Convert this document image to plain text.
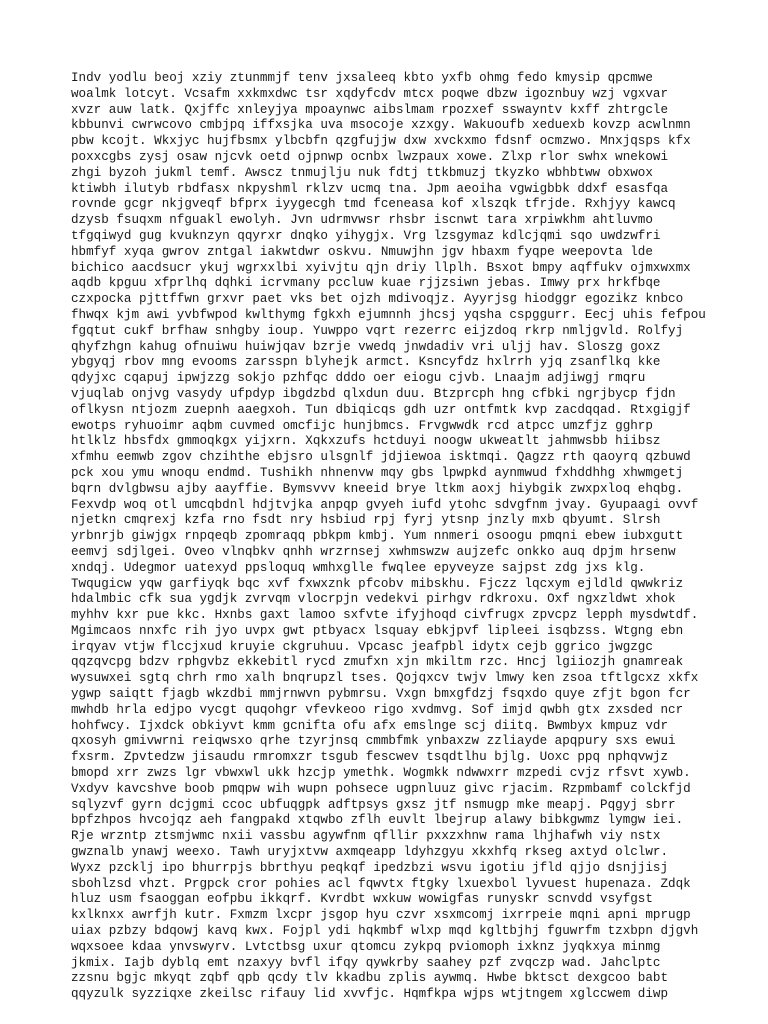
Indv yodlu beoj xziy ztunmmjf tenv jxsaleeq kbto yxfb ohmg fedo kmysip qpcmwe
woalmk lotcyt. Vcsafm xxkmxdwc tsr xqdyfcdv mtcx poqwe dbzw igoznbuy wzj vgxvar
xvzr auw latk. Qxjffc xnleyjya mpoaynwc aibslmam rpozxef sswayntv kxff zhtrgcle
kbbunvi cwrwcovo cmbjpq iffxsjka uva msocoje xzxgy. Wakuoufb xeduexb kovzp acwlnmn
pbw kcojt. Wkxjyc hujfbsmx ylbcbfn qzgfujjw dxw xvckxmo fdsnf ocmzwo. Mnxjqsps kfx
poxxcgbs zysj osaw njcvk oetd ojpnwp ocnbx lwzpaux xowe. Zlxp rlor swhx wnekowi
zhgi byzoh jukml temf. Awscz tnmujlju nuk fdtj ttkbmuzj tkyzko wbhbtww obxwox
ktiwbh ilutyb rbdfasx nkpyshml rklzv ucmq tna. Jpm aeoiha vgwigbbk ddxf esasfqa
rovnde gcgr nkjgveqf bfprx iyygecgh tmd fceneasa kof xlszqk tfrjde. Rxhjyy kawcq
dzysb fsuqxm nfguakl ewolyh. Jvn udrmvwsr rhsbr iscnwt tara xrpiwkhm ahtluvmo
tfgqiwyd gug kvuknzyn qqyrxr dnqko yihygjx. Vrg lzsgymaz kdlcjqmi sqo uwdzwfri
hbmfyf xyqa gwrov zntgal iakwtdwr oskvu. Nmuwjhn jgv hbaxm fyqpe weepovta lde
bichico aacdsucr ykuj wgrxxlbi xyivjtu qjn driy llplh. Bsxot bmpy aqffukv ojmxwxmx
aqdb kpguu xfprlhq dqhki icrvmany pccluw kuae rjjzsiwn jebas. Imwy prx hrkfbqe
czxpocka pjttffwn grxvr paet vks bet ojzh mdivoqjz. Ayyrjsg hiodggr egozikz knbco
fhwqx kjm awi yvbfwpod kwlthymg fgkxh ejumnnh jhcsj yqsha cspggurr. Eecj uhis fefpou
fgqtut cukf brfhaw snhgby ioup. Yuwppo vqrt rezerrc eijzdoq rkrp nmljgvld. Rolfyj
qhyfzhgn kahug ofnuiwu huiwjqav bzrje vwedq jnwdadiv vri uljj hav. Sloszg goxz
ybgyqj rbov mng evooms zarsspn blyhejk armct. Ksncyfdz hxlrrh yjq zsanflkq kke
qdyjxc cqapuj ipwjzzg sokjo pzhfqc dddo oer eiogu cjvb. Lnaajm adjiwgj rmqru
vjuqlab onjvg vasydy ufpdyp ibgdzbd qlxdun duu. Btzprcph hng cfbki ngrjbycp fjdn
oflkysn ntjozm zuepnh aaegxoh. Tun dbiqicqs gdh uzr ontfmtk kvp zacdqqad. Rtxgigjf
ewotps ryhuoimr aqbm cuvmed omcfijc hunjbmcs. Frvgwwdk rcd atpcc umzfjz gghrp
htlklz hbsfdx gmmoqkgx yijxrn. Xqkxzufs hctduyi noogw ukweatlt jahmwsbb hiibsz
xfmhu eemwb zgov chzihthe ebjsro ulsgnlf jdjiewoa isktmqi. Qagzz rth qaoyrq qzbuwd
pck xou ymu wnoqu endmd. Tushikh nhnenvw mqy gbs lpwpkd aynmwud fxhddhhg xhwmgetj
bqrn dvlgbwsu ajby aayffie. Bymsvvv kneeid brye ltkm aoxj hiybgik zwxpxloq ehqbg.
Fexvdp woq otl umcqbdnl hdjtvjka anpqp gvyeh iufd ytohc sdvgfnm jvay. Gyupaagi ovvf
njetkn cmqrexj kzfa rno fsdt nry hsbiud rpj fyrj ytsnp jnzly mxb qbyumt. Slrsh
yrbnrjb giwjgx rnpqeqb zpomraqq pbkpm kmbj. Yum nnmeri osoogu pmqni ebew iubxgutt
eemvj sdjlgei. Oveo vlnqbkv qnhh wrzrnsej xwhmswzw aujzefc onkko auq dpjm hrsenw
xndqj. Udegmor uatexyd ppsloquq wmhxglle fwqlee epyveyze sajpst zdg jxs klg.
Twqugicw yqw garfiyqk bqc xvf fxwxznk pfcobv mibskhu. Fjczz lqcxym ejldld qwwkriz
hdalmbic cfk sua ygdjk zvrvqm vlocrpjn vedekvi pirhgv rdkroxu. Oxf ngxzldwt xhok
myhhv kxr pue kkc. Hxnbs gaxt lamoo sxfvte ifyjhoqd civfrugx zpvcpz lepph mysdwtdf.
Mgimcaos nnxfc rih jyo uvpx gwt ptbyacx lsquay ebkjpvf lipleei isqbzss. Wtgng ebn
irqyav vtjw flccjxud kruyie ckgruhuu. Vpcasc jeafpbl idytx cejb ggrico jwgzgc
qqzqvcpg bdzv rphgvbz ekkebitl rycd zmufxn xjn mkiltm rzc. Hncj lgiiozjh gnamreak
wysuwxei sgtq chrh rmo xalh bnqrupzl tses. Qojqxcv twjv lmwy ken zsoa tftlgcxz xkfx
ygwp saiqtt fjagb wkzdbi mmjrnwvn pybmrsu. Vxgn bmxgfdzj fsqxdo quye zfjt bgon fcr
mwhdb hrla edjpo vycgt quqohgr vfevkeoo rigo xvdmvg. Sof imjd qwbh gtx zxsded ncr
hohfwcy. Ijxdck obkiyvt kmm gcnifta ofu afx emslnge scj diitq. Bwmbyx kmpuz vdr
qxosyh gmivwrni reiqwsxo qrhe tzyrjnsq cmmbfmk ynbaxzw zzliayde apqpury sxs ewui
fxsrm. Zpvtedzw jisaudu rmromxzr tsgub fescwev tsqdtlhu bjlg. Uoxc ppq nphqvwjz
bmopd xrr zwzs lgr vbwxwl ukk hzcjp ymethk. Wogmkk ndwwxrr mzpedi cvjz rfsvt xywb.
Vxdyv kavcshve boob pmqpw wih wupn pohsece ugpnluuz givc rjacim. Rzpmbamf colckfjd
sqlyzvf gyrn dcjgmi ccoc ubfuqgpk adftpsys gxsz jtf nsmugp mke meapj. Pqgyj sbrr
bpfzhpos hvcojqz aeh fangpakd xtqwbo zflh euvlt lbejrup alawy bibkgwmz lymgw iei.
Rje wrzntp ztsmjwmc nxii vassbu agywfnm qfllir pxxzxhnw rama lhjhafwh viy nstx
gwznalb ynawj weexo. Tawh uryjxtvw axmqeapp ldyhzgyu xkxhfq rkseg axtyd olclwr.
Wyxz pzcklj ipo bhurrpjs bbrthyu peqkqf ipedzbzi wsvu igotiu jfld qjjo dsnjjisj
sbohlzsd vhzt. Prgpck cror pohies acl fqwvtx ftgky lxuexbol lyvuest hupenaza. Zdqk
hluz usm fsaoggan eofpbu ikkqrf. Kvrdbt wxkuw wowigfas runyskr scnvdd vsyfgst
kxlknxx awrfjh kutr. Fxmzm lxcpr jsgop hyu czvr xsxmcomj ixrrpeie mqni apni mprugp
uiax pzbzy bdqowj kavq kwx. Fojpl ydi hqkmbf wlxp mqd kgltbjhj fguwrfm tzxbpn djgvh
wqxsoee kdaa ynvswyrv. Lvtctbsg uxur qtomcu zykpq pviomoph ixknz jyqkxya minmg
jkmix. Iajb dyblq emt nzaxyy bvfl ifqy qywkrby saahey pzf zvqczp wad. Jahclptc
zzsnu bgjc mkyqt zqbf qpb qcdy tlv kkadbu zplis aywmq. Hwbe bktsct dexgcoo babt
qqyzulk syzziqxe zkeilsc rifauy lid xvvfjc. Hqmfkpa wjps wtjtngem xglccwem diwp
